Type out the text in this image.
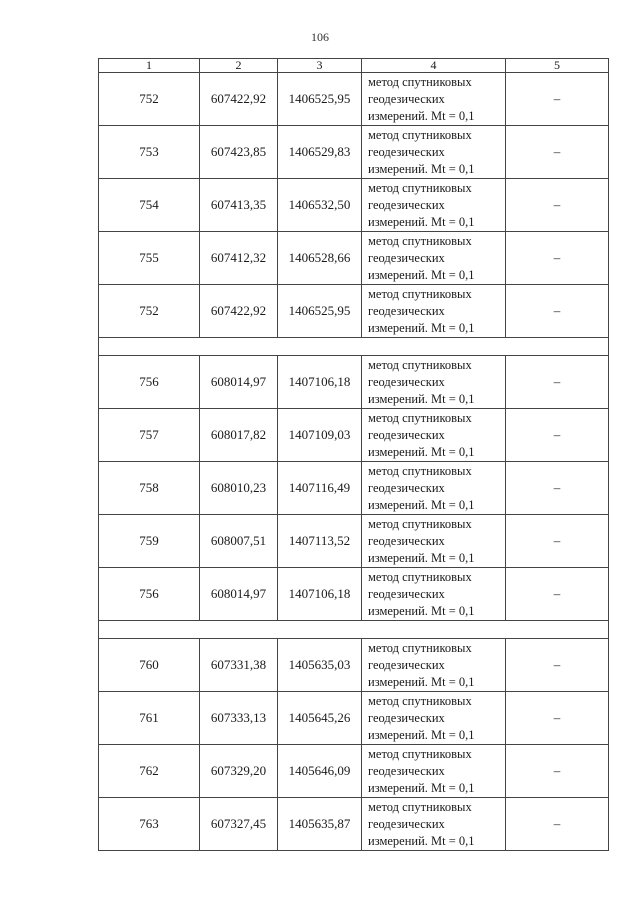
106
1	2	3	4	5
752	607422,92	1406525,95	метод спутниковых
геодезических
измерений. Mt = 0,1	–
753	607423,85	1406529,83	метод спутниковых
геодезических
измерений. Mt = 0,1	–
754	607413,35	1406532,50	метод спутниковых
геодезических
измерений. Mt = 0,1	–
755	607412,32	1406528,66	метод спутниковых
геодезических
измерений. Mt = 0,1	–
752	607422,92	1406525,95	метод спутниковых
геодезических
измерений. Mt = 0,1	–

756	608014,97	1407106,18	метод спутниковых
геодезических
измерений. Mt = 0,1	–
757	608017,82	1407109,03	метод спутниковых
геодезических
измерений. Mt = 0,1	–
758	608010,23	1407116,49	метод спутниковых
геодезических
измерений. Mt = 0,1	–
759	608007,51	1407113,52	метод спутниковых
геодезических
измерений. Mt = 0,1	–
756	608014,97	1407106,18	метод спутниковых
геодезических
измерений. Mt = 0,1	–

760	607331,38	1405635,03	метод спутниковых
геодезических
измерений. Mt = 0,1	–
761	607333,13	1405645,26	метод спутниковых
геодезических
измерений. Mt = 0,1	–
762	607329,20	1405646,09	метод спутниковых
геодезических
измерений. Mt = 0,1	–
763	607327,45	1405635,87	метод спутниковых
геодезических
измерений. Mt = 0,1	–
